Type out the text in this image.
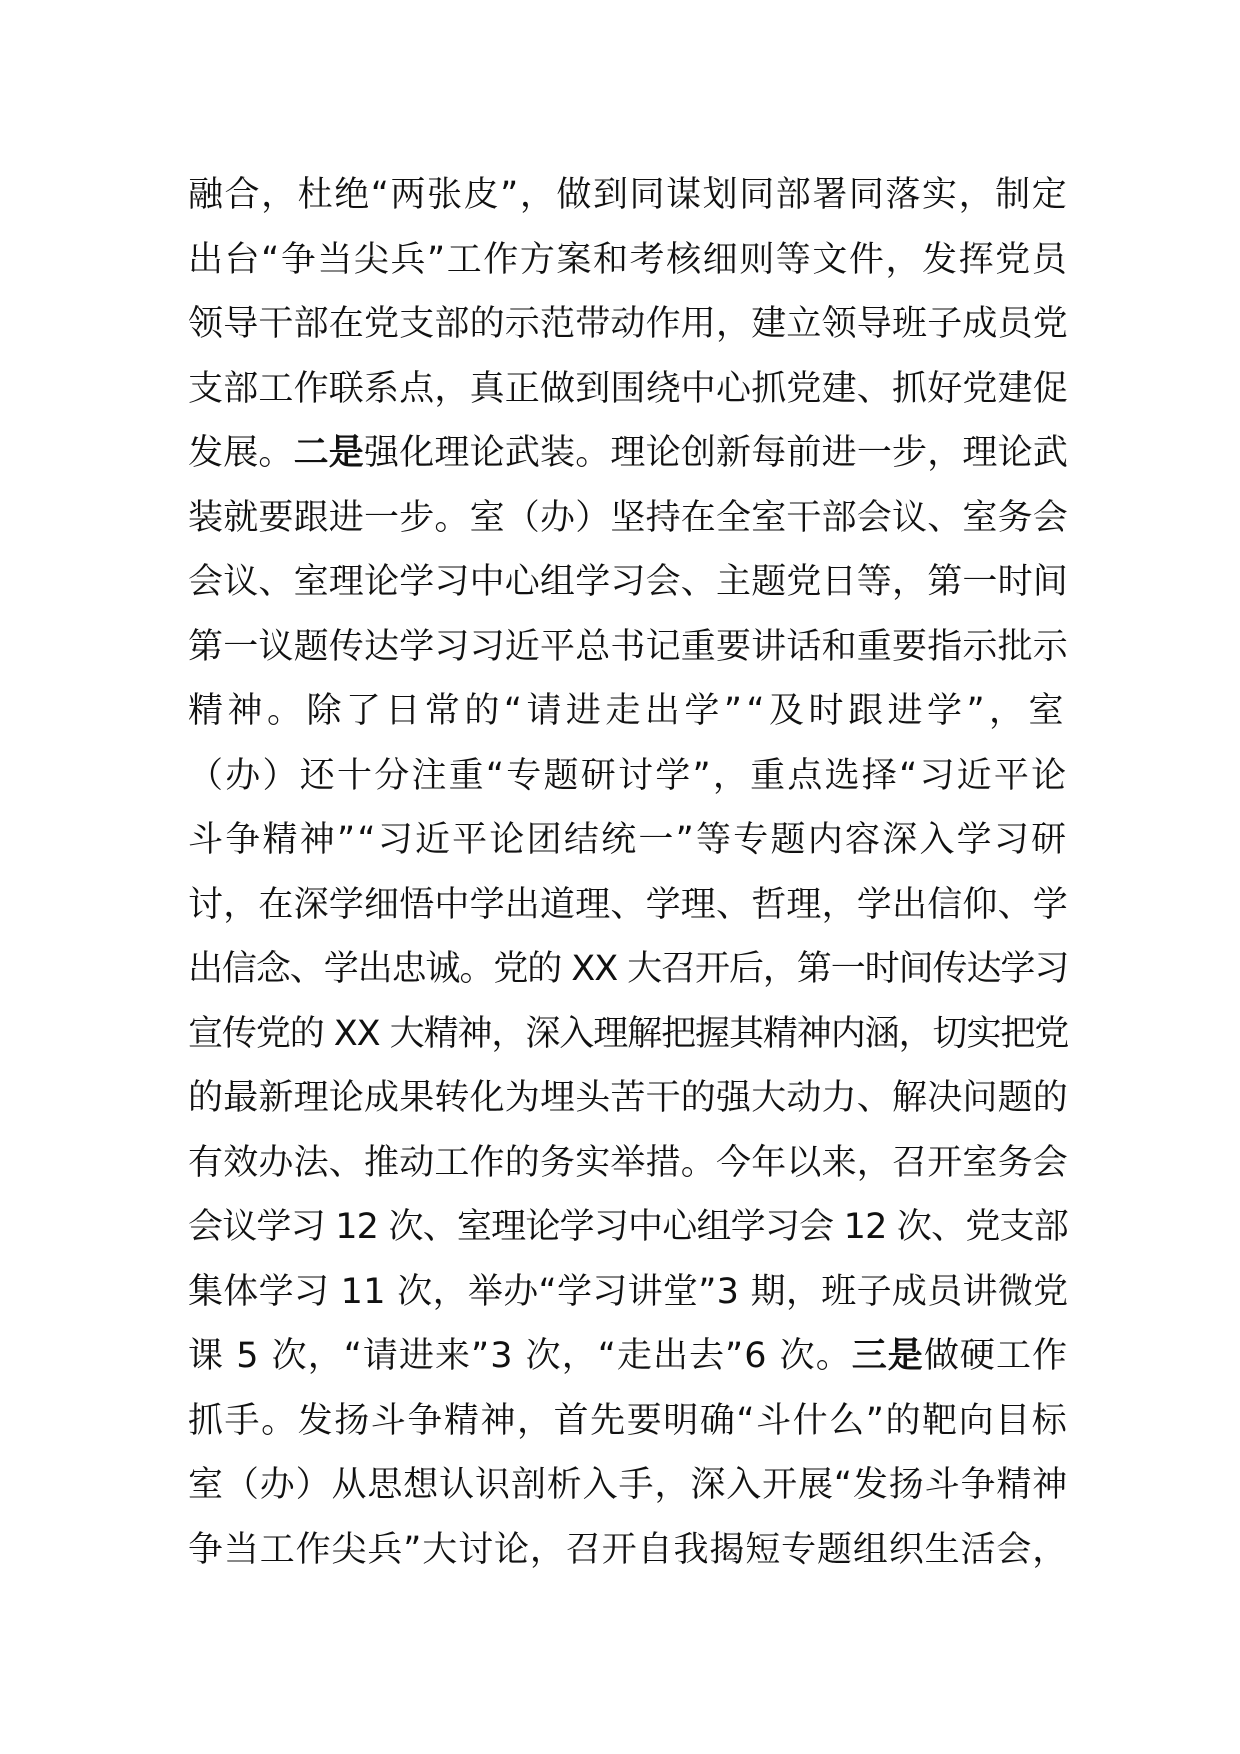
融合，杜绝“两张皮”，做到同谋划同部署同落实，制定
出台“争当尖兵”工作方案和考核细则等文件，发挥党员
领导干部在党支部的示范带动作用，建立领导班子成员党
支部工作联系点，真正做到围绕中心抓党建、抓好党建促
发展。二是强化理论武装。理论创新每前进一步，理论武
装就要跟进一步。室（办）坚持在全室干部会议、室务会
会议、室理论学习中心组学习会、主题党日等，第一时间
第一议题传达学习习近平总书记重要讲话和重要指示批示
精神。除了日常的“请进走出学”“及时跟进学”，室
（办）还十分注重“专题研讨学”，重点选择“习近平论
斗争精神”“习近平论团结统一”等专题内容深入学习研
讨，在深学细悟中学出道理、学理、哲理，学出信仰、学
出信念、学出忠诚。党的 XX 大召开后，第一时间传达学习
宣传党的 XX 大精神，深入理解把握其精神内涵，切实把党
的最新理论成果转化为埋头苦干的强大动力、解决问题的
有效办法、推动工作的务实举措。今年以来，召开室务会
会议学习 12 次、室理论学习中心组学习会 12 次、党支部
集体学习 11 次，举办“学习讲堂”3 期，班子成员讲微党
课 5 次，“请进来”3 次，“走出去”6 次。三是做硬工作
抓手。发扬斗争精神，首先要明确“斗什么”的靶向目标
室（办）从思想认识剖析入手，深入开展“发扬斗争精神
争当工作尖兵”大讨论，召开自我揭短专题组织生活会，
